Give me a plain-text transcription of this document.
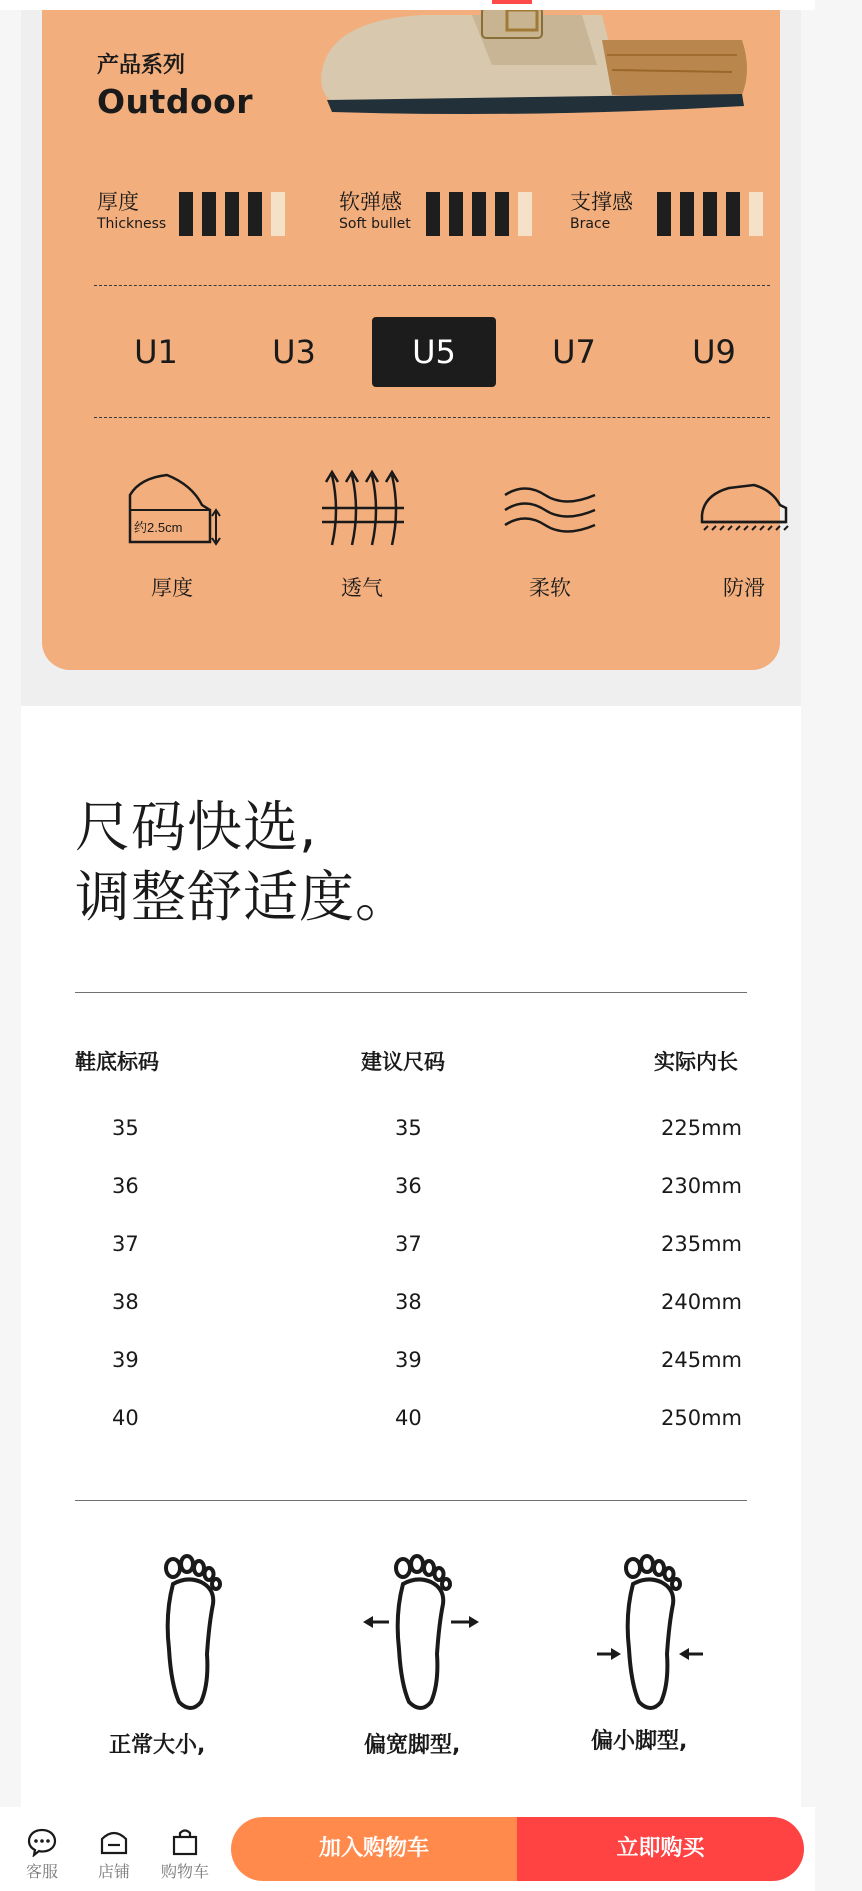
产品系列
Outdoor
厚度
Thickness
软弹感
Soft bullet
支撑感
Brace
U1	U3	U5	U7	U9
约2.5cm
厚度	透气	柔软	防滑
尺码快选,
调整舒适度。
鞋底标码	建议尺码	实际内长
35	35	225mm
36	36	230mm
37	37	235mm
38	38	240mm
39	39	245mm
40	40	250mm
正常大小,	偏宽脚型,	偏小脚型,
客服	店铺	购物车
加入购物车	立即购买
